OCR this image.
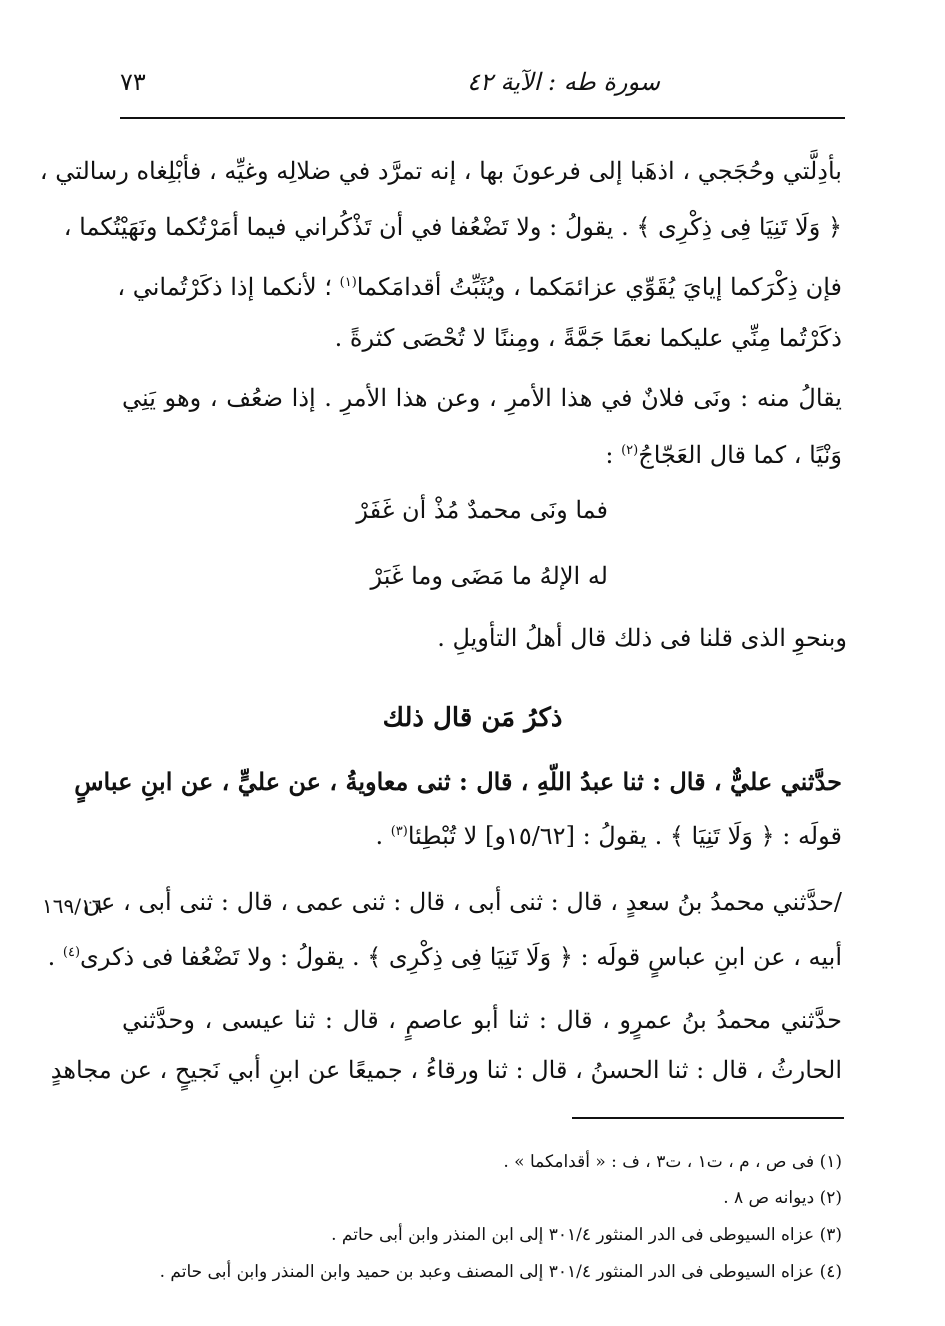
سورة طه : الآية ٤٢
٧٣
بأدِلَّتي وحُجَجي ، اذهَبا إلى فرعونَ بها ، إنه تمرَّد في ضلالِه وغيِّه ، فأبْلِغاه رسالتي ،
﴿ وَلَا تَنِيَا فِى ذِكْرِى ﴾ . يقولُ : ولا تَضْعُفا في أن تَذْكُراني فيما أمَرْتُكما ونَهَيْتُكما ،
فإن ذِكْرَكما إيايَ يُقَوِّي عزائمَكما ، ويُثَبِّتُ أقدامَكما$^{(١)}$ ؛ لأنكما إذا ذكَرْتُماني ،
ذكَرْتُما مِنِّي عليكما نعمًا جَمَّةً ، ومِننًا لا تُحْصَى كثرةً .
يقالُ منه : ونَى فلانٌ في هذا الأمرِ ، وعن هذا الأمرِ . إذا ضعُف ، وهو يَنِي
وَنْيًا ، كما قال العَجّاجُ$^{(٢)}$ :
فما ونَى محمدٌ مُذْ أن غَفَرْ
له الإلهُ ما مَضَى وما غَبَرْ
وبنحوِ الذى قلنا فى ذلك قال أهلُ التأويلِ .
ذكرُ مَن قال ذلك
حدَّثني عليٌّ ، قال : ثنا عبدُ اللّهِ ، قال : ثنى معاويةُ ، عن عليٍّ ، عن ابنِ عباسٍ
قولَه : ﴿ وَلَا تَنِيَا ﴾ . يقولُ : [١٥/٦٢و] لا تُبْطِئا$^{(٣)}$ .
١٦٩/١٦
/حدَّثني محمدُ بنُ سعدٍ ، قال : ثنى أبى ، قال : ثنى عمى ، قال : ثنى أبى ، عن
أبيه ، عن ابنِ عباسٍ قولَه : ﴿ وَلَا تَنِيَا فِى ذِكْرِى ﴾ . يقولُ : ولا تَضْعُفا فى ذكرى$^{(٤)}$ .
حدَّثني محمدُ بنُ عمرٍو ، قال : ثنا أبو عاصمٍ ، قال : ثنا عيسى ، وحدَّثني
الحارثُ ، قال : ثنا الحسنُ ، قال : ثنا ورقاءُ ، جميعًا عن ابنِ أبي نَجيحٍ ، عن مجاهدٍ
(١) فى ص ، م ، ت١ ، ت٣ ، ف : « أقدامكما » .
(٢) ديوانه ص ٨ .
(٣) عزاه السيوطى فى الدر المنثور ٣٠١/٤ إلى ابن المنذر وابن أبى حاتم .
(٤) عزاه السيوطى فى الدر المنثور ٣٠١/٤ إلى المصنف وعبد بن حميد وابن المنذر وابن أبى حاتم .
